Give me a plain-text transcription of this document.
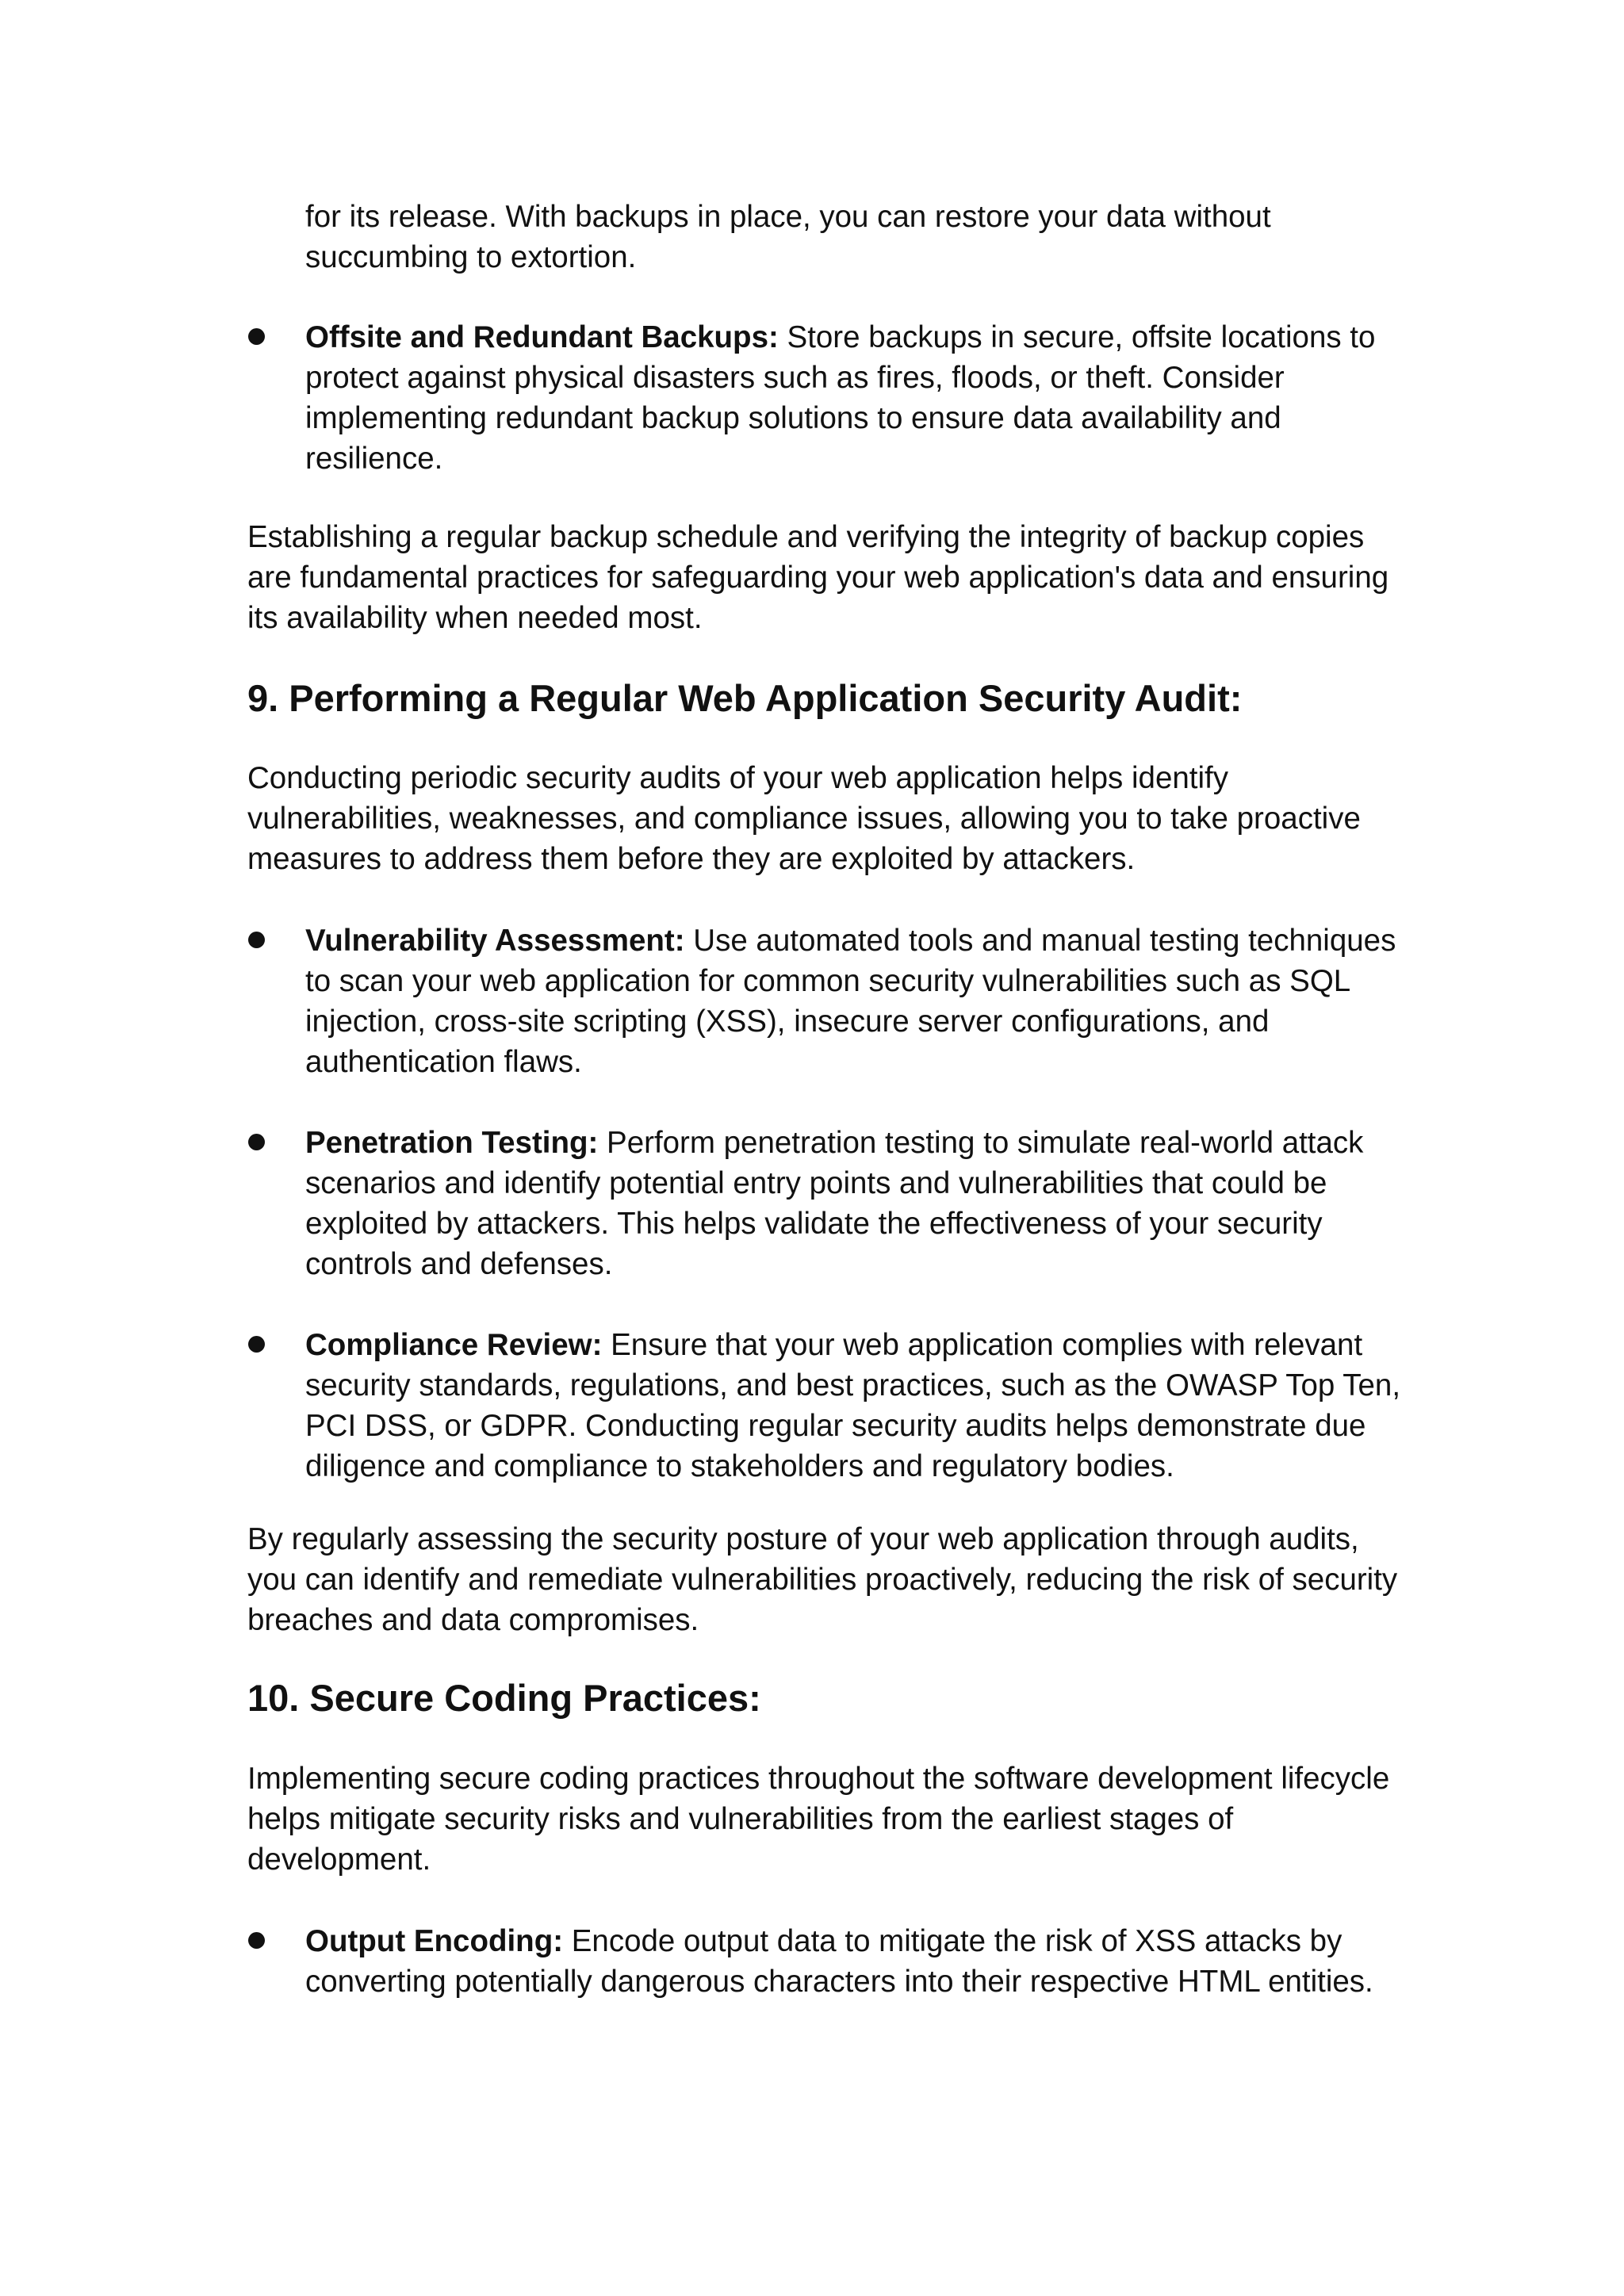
for its release. With backups in place, you can restore your data without succumbing to extortion.

Offsite and Redundant Backups: Store backups in secure, offsite locations to protect against physical disasters such as fires, floods, or theft. Consider implementing redundant backup solutions to ensure data availability and resilience.

Establishing a regular backup schedule and verifying the integrity of backup copies are fundamental practices for safeguarding your web application's data and ensuring its availability when needed most.

9. Performing a Regular Web Application Security Audit:

Conducting periodic security audits of your web application helps identify vulnerabilities, weaknesses, and compliance issues, allowing you to take proactive measures to address them before they are exploited by attackers.

Vulnerability Assessment: Use automated tools and manual testing techniques to scan your web application for common security vulnerabilities such as SQL injection, cross-site scripting (XSS), insecure server configurations, and authentication flaws.

Penetration Testing: Perform penetration testing to simulate real-world attack scenarios and identify potential entry points and vulnerabilities that could be exploited by attackers. This helps validate the effectiveness of your security controls and defenses.

Compliance Review: Ensure that your web application complies with relevant security standards, regulations, and best practices, such as the OWASP Top Ten, PCI DSS, or GDPR. Conducting regular security audits helps demonstrate due diligence and compliance to stakeholders and regulatory bodies.

By regularly assessing the security posture of your web application through audits, you can identify and remediate vulnerabilities proactively, reducing the risk of security breaches and data compromises.

10. Secure Coding Practices:

Implementing secure coding practices throughout the software development lifecycle helps mitigate security risks and vulnerabilities from the earliest stages of development.

Output Encoding: Encode output data to mitigate the risk of XSS attacks by converting potentially dangerous characters into their respective HTML entities.
